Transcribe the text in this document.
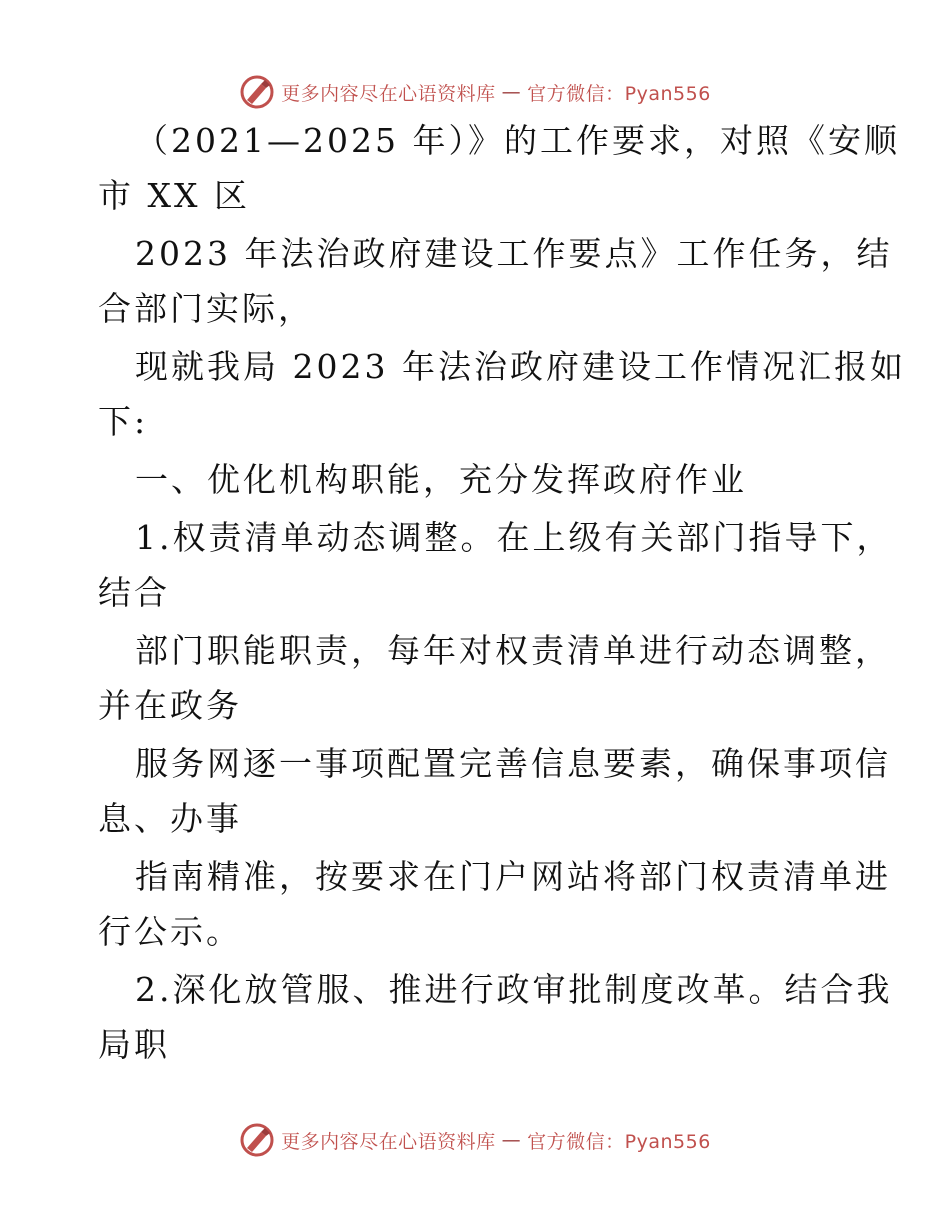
更多内容尽在心语资料库 — 官方微信：Pyan556

（2021—2025 年）》的工作要求，对照《安顺

市 XX 区

2023 年法治政府建设工作要点》工作任务，结

合部门实际，

现就我局 2023 年法治政府建设工作情况汇报如

下:

一、优化机构职能，充分发挥政府作业

1.权责清单动态调整。在上级有关部门指导下，

结合

部门职能职责，每年对权责清单进行动态调整，

并在政务

服务网逐一事项配置完善信息要素，确保事项信

息、办事

指南精准，按要求在门户网站将部门权责清单进

行公示。

2.深化放管服、推进行政审批制度改革。结合我

局职

更多内容尽在心语资料库 — 官方微信：Pyan556
